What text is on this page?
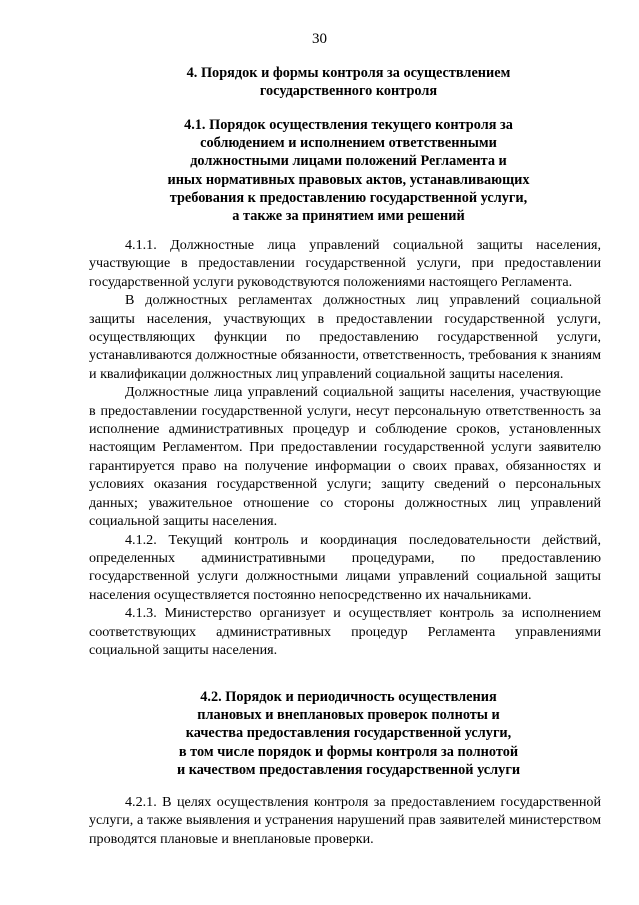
30
4. Порядок и формы контроля за осуществлением
государственного контроля
4.1. Порядок осуществления текущего контроля за
соблюдением и исполнением ответственными
должностными лицами положений Регламента и
иных нормативных правовых актов, устанавливающих
требования к предоставлению государственной услуги,
а также за принятием ими решений

4.1.1. Должностные лица управлений социальной защиты населения, участвующие в предоставлении государственной услуги, при предоставлении государственной услуги руководствуются положениями настоящего Регламента.

В должностных регламентах должностных лиц управлений социальной защиты населения, участвующих в предоставлении государственной услуги, осуществляющих функции по предоставлению государственной услуги, устанавливаются должностные обязанности, ответственность, требования к знаниям и квалификации должностных лиц управлений социальной защиты населения.

Должностные лица управлений социальной защиты населения, участвующие в предоставлении государственной услуги, несут персональную ответственность за исполнение административных процедур и соблюдение сроков, установленных настоящим Регламентом. При предоставлении государственной услуги заявителю гарантируется право на получение информации о своих правах, обязанностях и условиях оказания государственной услуги; защиту сведений о персональных данных; уважительное отношение со стороны должностных лиц управлений социальной защиты населения.

4.1.2. Текущий контроль и координация последовательности действий, определенных административными процедурами, по предоставлению государственной услуги должностными лицами управлений социальной защиты населения осуществляется постоянно непосредственно их начальниками.

4.1.3. Министерство организует и осуществляет контроль за исполнением соответствующих административных процедур Регламента управлениями социальной защиты населения.

4.2. Порядок и периодичность осуществления
плановых и внеплановых проверок полноты и
качества предоставления государственной услуги,
в том числе порядок и формы контроля за полнотой
и качеством предоставления государственной услуги

4.2.1. В целях осуществления контроля за предоставлением государственной услуги, а также выявления и устранения нарушений прав заявителей министерством проводятся плановые и внеплановые проверки.
